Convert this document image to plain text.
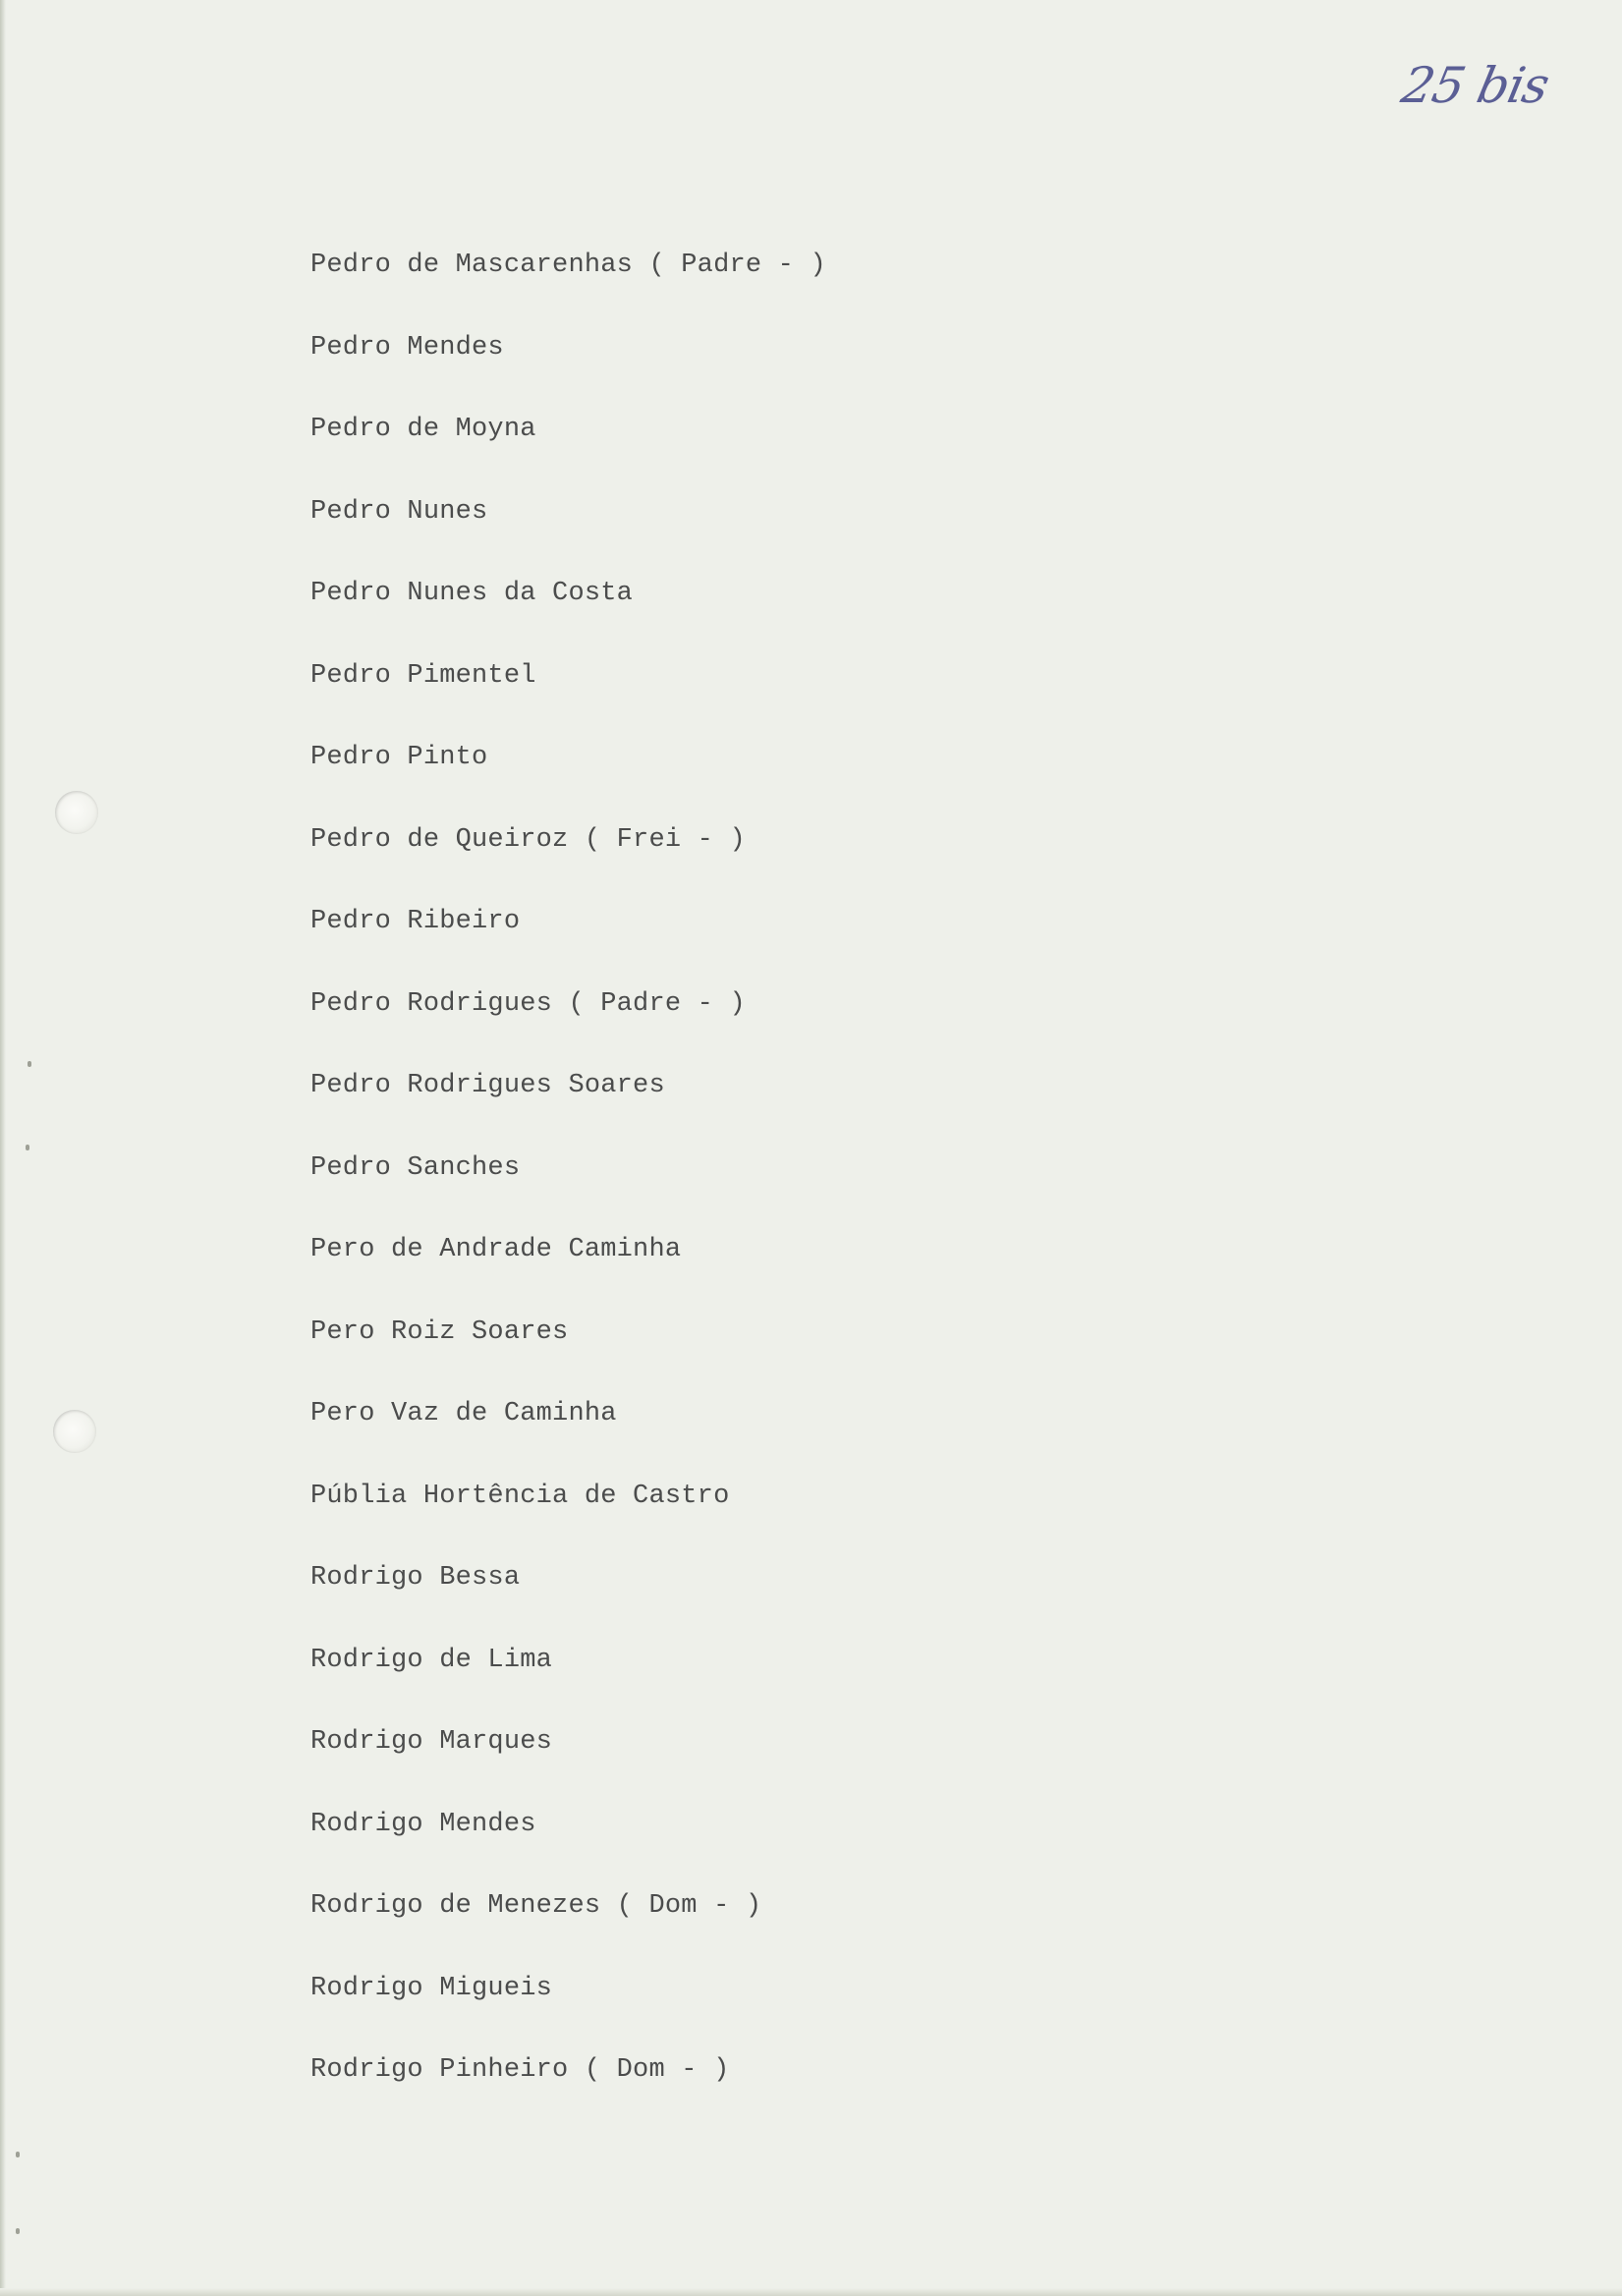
25 bis
Pedro de Mascarenhas ( Padre - )
Pedro Mendes
Pedro de Moyna
Pedro Nunes
Pedro Nunes da Costa
Pedro Pimentel
Pedro Pinto
Pedro de Queiroz ( Frei - )
Pedro Ribeiro
Pedro Rodrigues ( Padre - )
Pedro Rodrigues Soares
Pedro Sanches
Pero de Andrade Caminha
Pero Roiz Soares
Pero Vaz de Caminha
Públia Hortência de Castro
Rodrigo Bessa
Rodrigo de Lima
Rodrigo Marques
Rodrigo Mendes
Rodrigo de Menezes ( Dom - )
Rodrigo Migueis
Rodrigo Pinheiro ( Dom - )
